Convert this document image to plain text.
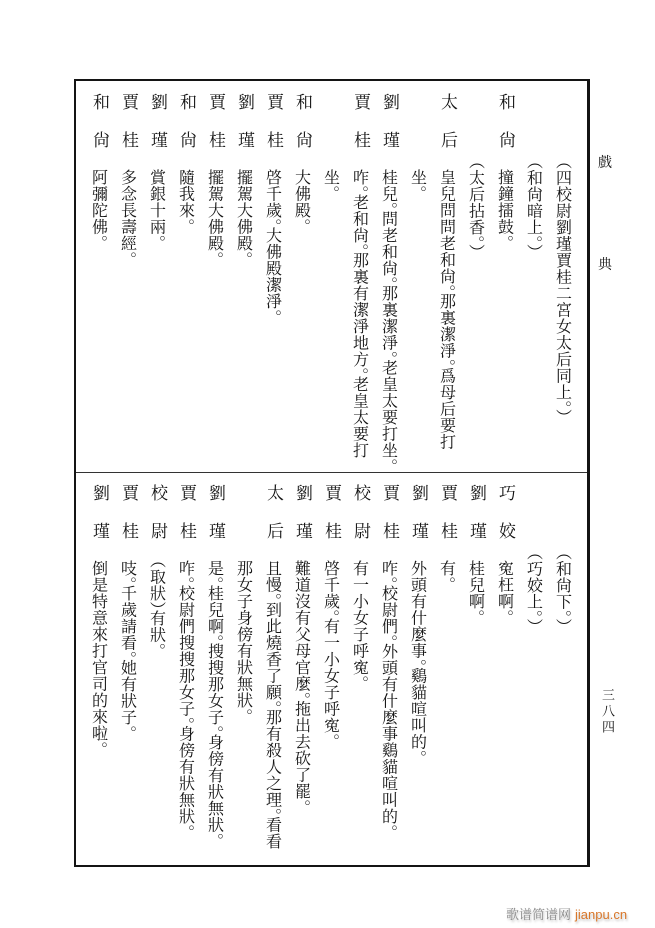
戲
典
三八四
（四校尉劉瑾賈桂二宮女太后同上。）
（和尙暗上。）
和尙
撞鐘擂鼓。
（太后拈香。）
太后
皇兒問問老和尙。那裏潔淨。爲母后要打
坐。
劉瑾
桂兒。問老和尙。那裏潔淨。老皇太要打坐。
賈桂
咋。老和尙。那裏有潔淨地方。老皇太要打
坐。
和尙
大佛殿。
賈桂
啓千歲。大佛殿潔淨。
劉瑾
擺駕大佛殿。
賈桂
擺駕大佛殿。
和尙
隨我來。
劉瑾
賞銀十兩。
賈桂
多念長壽經。
和尙
阿彌陀佛。
（和尙下。）
（巧姣上。）
巧姣
寃枉啊。
劉瑾
桂兒啊。
賈桂
有。
劉瑾
外頭有什麼事。鷄貓喧叫的。
賈桂
咋。校尉們。外頭有什麼事鷄貓喧叫的。
校尉
有一小女子呼寃。
賈桂
啓千歲。有一小女子呼寃。
劉瑾
難道沒有父母官麼。拖出去砍了罷。
太后
且慢。到此燒香了願。那有殺人之理。看看
那女子身傍有狀無狀。
劉瑾
是。桂兒啊。搜搜那女子。身傍有狀無狀。
賈桂
咋。校尉們搜搜那女子。身傍有狀無狀。
校尉
（取狀）有狀。
賈桂
吱。千歲請看。她有狀子。
劉瑾
倒是特意來打官司的來啦。
歌谱简谱网 jianpu.cn
